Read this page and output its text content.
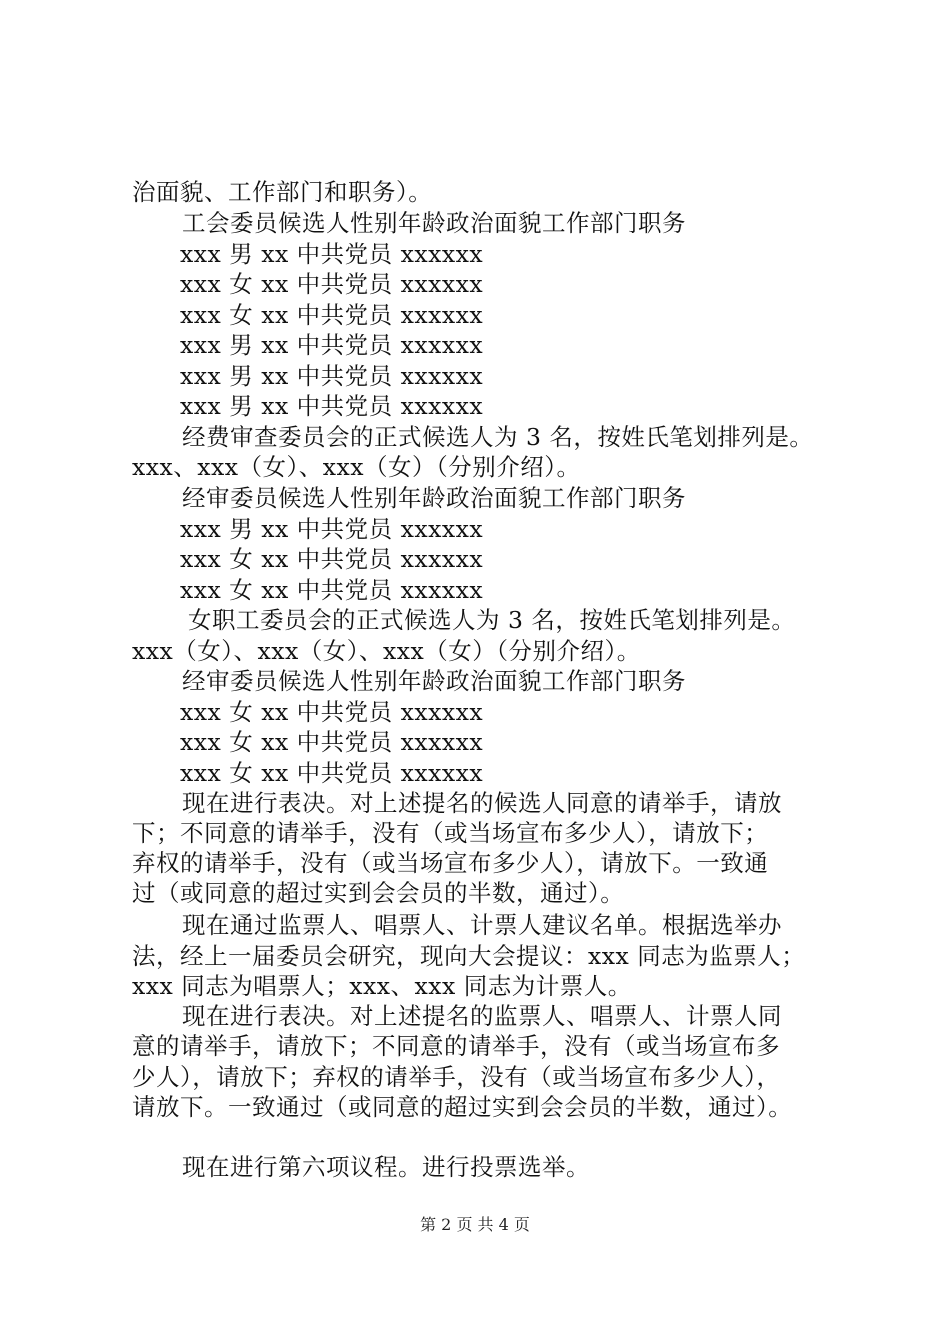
治面貌、工作部门和职务）。
工会委员候选人性别年龄政治面貌工作部门职务
xxx 男 xx 中共党员 xxxxxx
xxx 女 xx 中共党员 xxxxxx
xxx 女 xx 中共党员 xxxxxx
xxx 男 xx 中共党员 xxxxxx
xxx 男 xx 中共党员 xxxxxx
xxx 男 xx 中共党员 xxxxxx
经费审查委员会的正式候选人为 3 名，按姓氏笔划排列是。
xxx、xxx（女）、xxx（女）（分别介绍）。
经审委员候选人性别年龄政治面貌工作部门职务
xxx 男 xx 中共党员 xxxxxx
xxx 女 xx 中共党员 xxxxxx
xxx 女 xx 中共党员 xxxxxx
女职工委员会的正式候选人为 3 名，按姓氏笔划排列是。
xxx（女）、xxx（女）、xxx（女）（分别介绍）。
经审委员候选人性别年龄政治面貌工作部门职务
xxx 女 xx 中共党员 xxxxxx
xxx 女 xx 中共党员 xxxxxx
xxx 女 xx 中共党员 xxxxxx
现在进行表决。对上述提名的候选人同意的请举手，请放
下；不同意的请举手，没有（或当场宣布多少人），请放下；
弃权的请举手，没有（或当场宣布多少人），请放下。一致通
过（或同意的超过实到会会员的半数，通过）。
现在通过监票人、唱票人、计票人建议名单。根据选举办
法，经上一届委员会研究，现向大会提议：xxx 同志为监票人；
xxx 同志为唱票人；xxx、xxx 同志为计票人。
现在进行表决。对上述提名的监票人、唱票人、计票人同
意的请举手，请放下；不同意的请举手，没有（或当场宣布多
少人），请放下；弃权的请举手，没有（或当场宣布多少人），
请放下。一致通过（或同意的超过实到会会员的半数，通过）。
现在进行第六项议程。进行投票选举。
第 2 页 共 4 页
